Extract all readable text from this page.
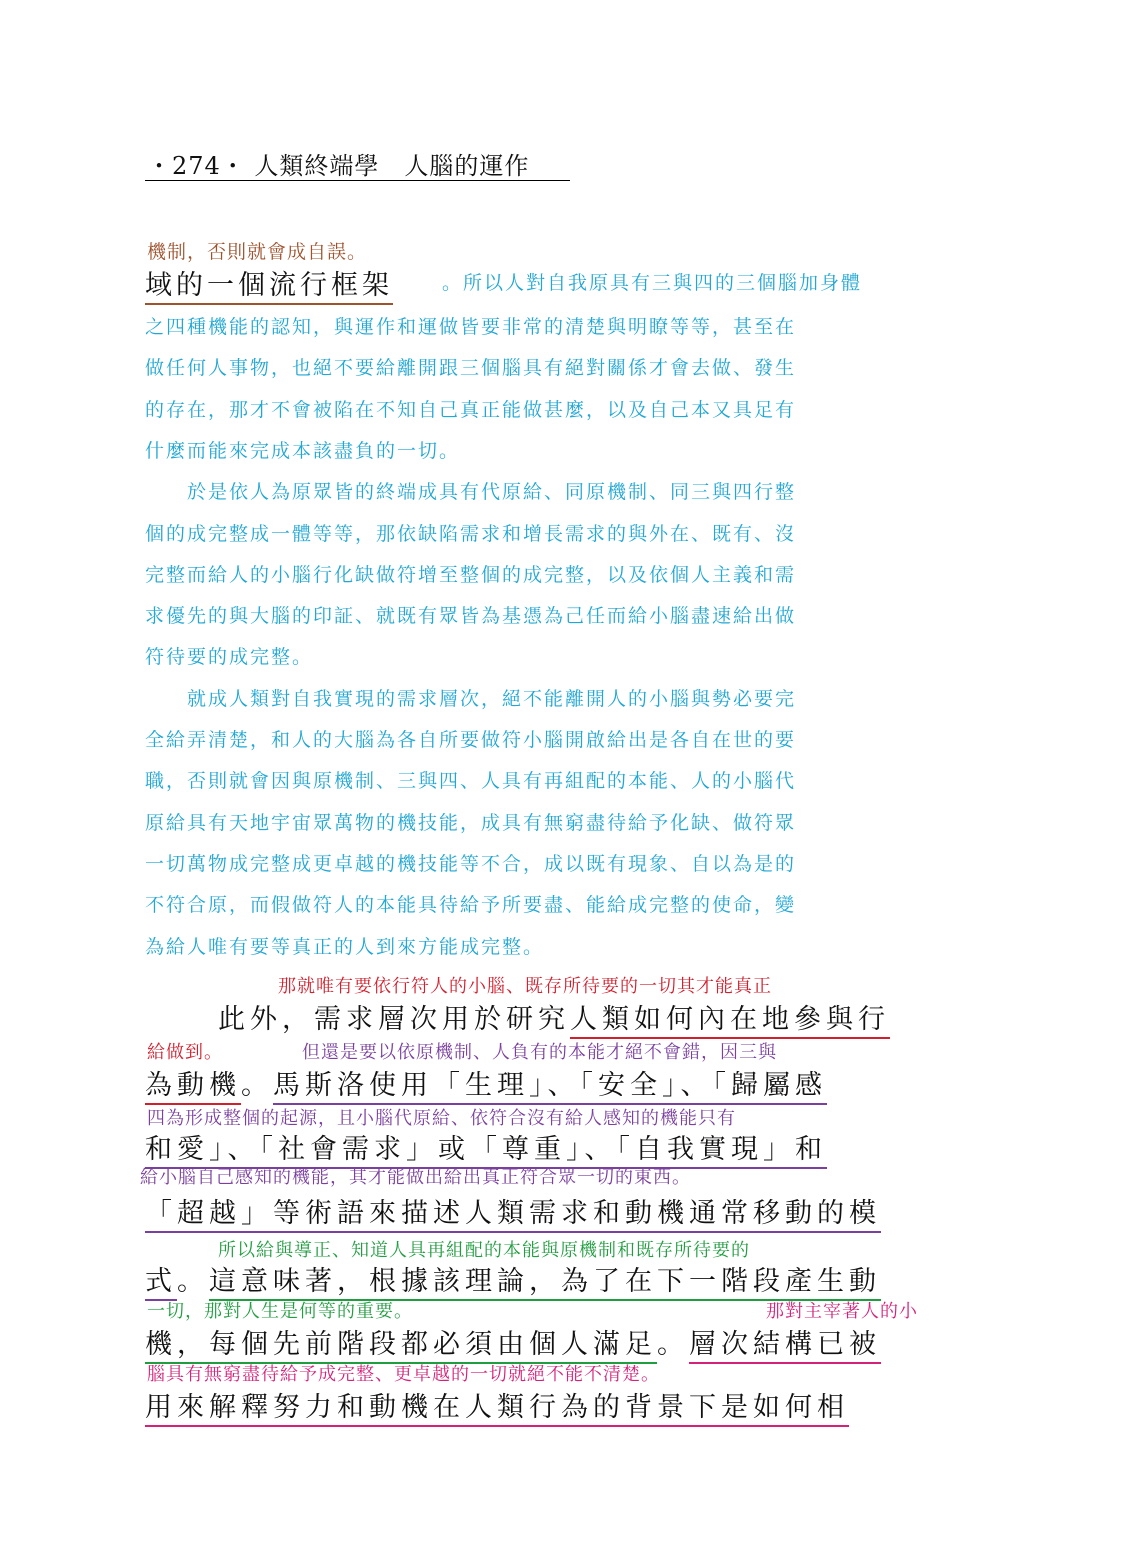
・274・ 人類終端學　人腦的運作
機制，否則就會成自誤。
域的一個流行框架	。所以人對自我原具有三與四的三個腦加身體
之四種機能的認知，與運作和運做皆要非常的清楚與明瞭等等，甚至在
做任何人事物，也絕不要給離開跟三個腦具有絕對關係才會去做、發生
的存在，那才不會被陷在不知自己真正能做甚麼，以及自己本又具足有
什麼而能來完成本該盡負的一切。
　　於是依人為原眾皆的終端成具有代原給、同原機制、同三與四行整
個的成完整成一體等等，那依缺陷需求和增長需求的與外在、既有、沒
完整而給人的小腦行化缺做符增至整個的成完整，以及依個人主義和需
求優先的與大腦的印証、就既有眾皆為基憑為己任而給小腦盡速給出做
符待要的成完整。
　　就成人類對自我實現的需求層次，絕不能離開人的小腦與勢必要完
全給弄清楚，和人的大腦為各自所要做符小腦開啟給出是各自在世的要
職，否則就會因與原機制、三與四、人具有再組配的本能、人的小腦代
原給具有天地宇宙眾萬物的機技能，成具有無窮盡待給予化缺、做符眾
一切萬物成完整成更卓越的機技能等不合，成以既有現象、自以為是的
不符合原，而假做符人的本能具待給予所要盡、能給成完整的使命，變
為給人唯有要等真正的人到來方能成完整。
那就唯有要依行符人的小腦、既存所待要的一切其才能真正
此外，需求層次用於研究人類如何內在地參與行
給做到。	但還是要以依原機制、人負有的本能才絕不會錯，因三與
為動機。馬斯洛使用「生理」、「安全」、「歸屬感
四為形成整個的起源，且小腦代原給、依符合沒有給人感知的機能只有
和愛」、「社會需求」或「尊重」、「自我實現」和
給小腦自己感知的機能，其才能做出給出真正符合眾一切的東西。
「超越」等術語來描述人類需求和動機通常移動的模
所以給與導正、知道人具再組配的本能與原機制和既存所待要的
式。這意味著，根據該理論，為了在下一階段產生動
一切，那對人生是何等的重要。	那對主宰著人的小
機，每個先前階段都必須由個人滿足。層次結構已被
腦具有無窮盡待給予成完整、更卓越的一切就絕不能不清楚。
用來解釋努力和動機在人類行為的背景下是如何相
